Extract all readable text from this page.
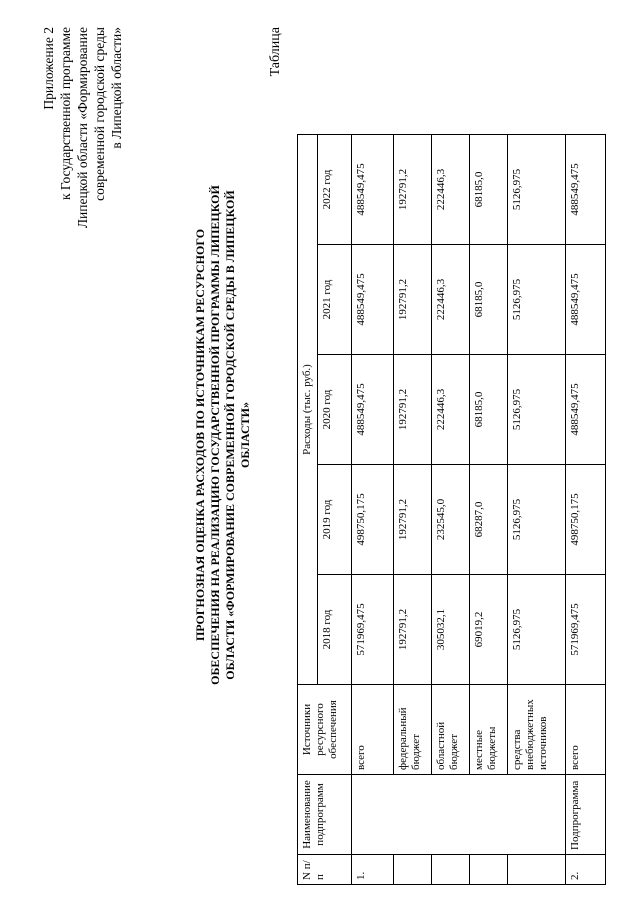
Приложение 2 к Государственной программе Липецкой области «Формирование современной городской среды в Липецкой области»	Таблица
ПРОГНОЗНАЯ ОЦЕНКА РАСХОДОВ ПО ИСТОЧНИКАМ РЕСУРСНОГО ОБЕСПЕЧЕНИЯ НА РЕАЛИЗАЦИЮ ГОСУДАРСТВЕННОЙ ПРОГРАММЫ ЛИПЕЦКОЙ ОБЛАСТИ «ФОРМИРОВАНИЕ СОВРЕМЕННОЙ ГОРОДСКОЙ СРЕДЫ В ЛИПЕЦКОЙ ОБЛАСТИ»
N п/п	Наименование подпрограмм	Источники ресурсного обеспечения	Расходы (тыс. руб.)				
			2018 год	2019 год	2020 год	2021 год	2022 год
1.		всего	571969,475	498750,175	488549,475	488549,475	488549,475
		федеральный бюджет	192791,2	192791,2	192791,2	192791,2	192791,2
		областной бюджет	305032,1	232545,0	222446,3	222446,3	222446,3
		местные бюджеты	69019,2	68287,0	68185,0	68185,0	68185,0
		средства внебюджетных источников	5126,975	5126,975	5126,975	5126,975	5126,975
2.	Подпрограмма	всего	571969,475	498750,175	488549,475	488549,475	488549,475
